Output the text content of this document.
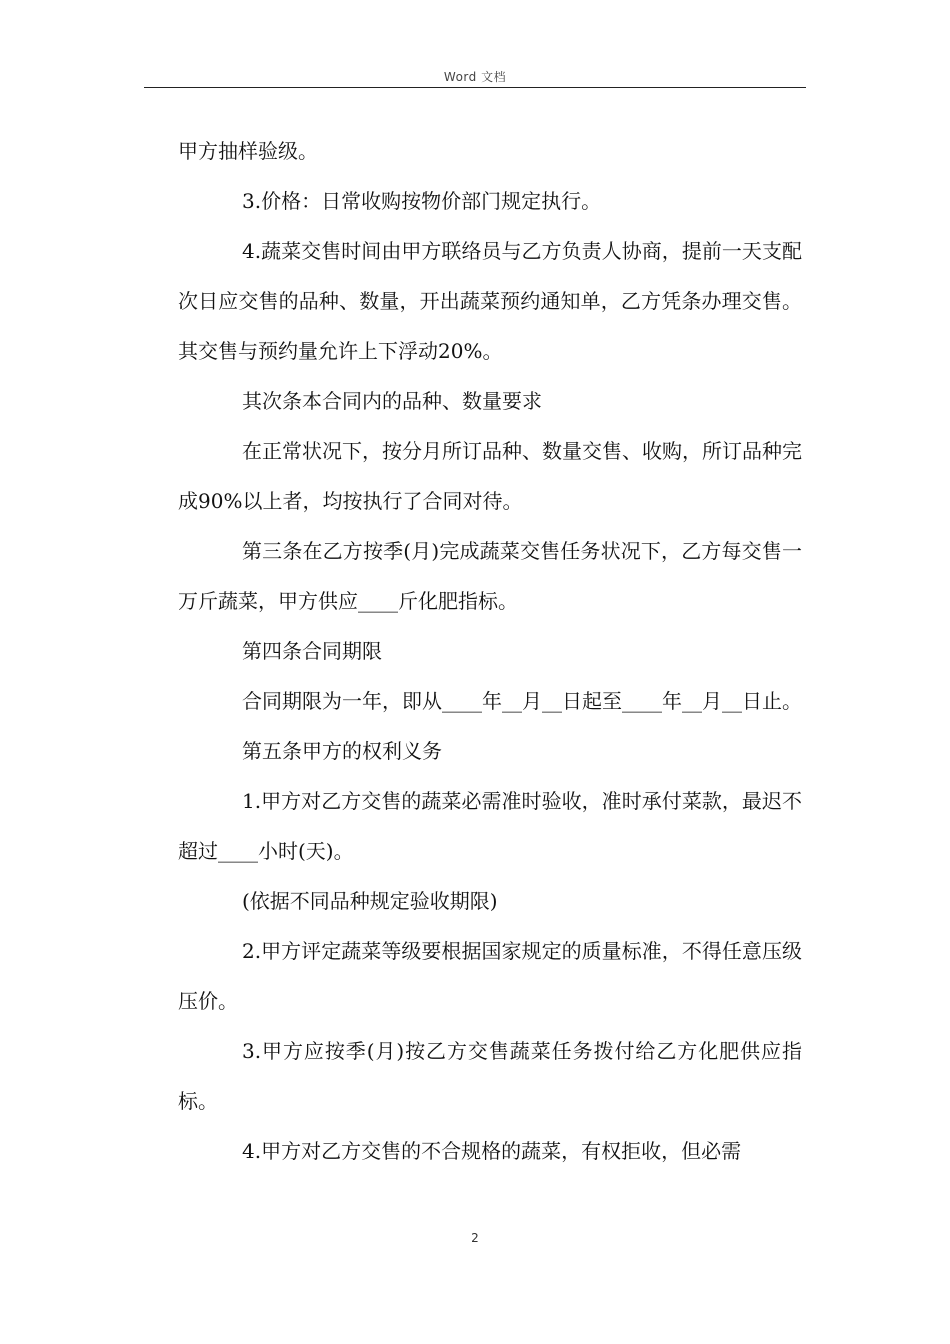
Word 文档

甲方抽样验级。

3.价格：日常收购按物价部门规定执行。

4.蔬菜交售时间由甲方联络员与乙方负责人协商，提前一天支配次日应交售的品种、数量，开出蔬菜预约通知单，乙方凭条办理交售。其交售与预约量允许上下浮动20%。

其次条本合同内的品种、数量要求

在正常状况下，按分月所订品种、数量交售、收购，所订品种完成90%以上者，均按执行了合同对待。

第三条在乙方按季(月)完成蔬菜交售任务状况下，乙方每交售一万斤蔬菜，甲方供应____斤化肥指标。

第四条合同期限

合同期限为一年，即从____年__月__日起至____年__月__日止。

第五条甲方的权利义务

1.甲方对乙方交售的蔬菜必需准时验收，准时承付菜款，最迟不超过____小时(天)。

(依据不同品种规定验收期限)

2.甲方评定蔬菜等级要根据国家规定的质量标准，不得任意压级压价。

3.甲方应按季(月)按乙方交售蔬菜任务拨付给乙方化肥供应指标。

4.甲方对乙方交售的不合规格的蔬菜，有权拒收，但必需

2
